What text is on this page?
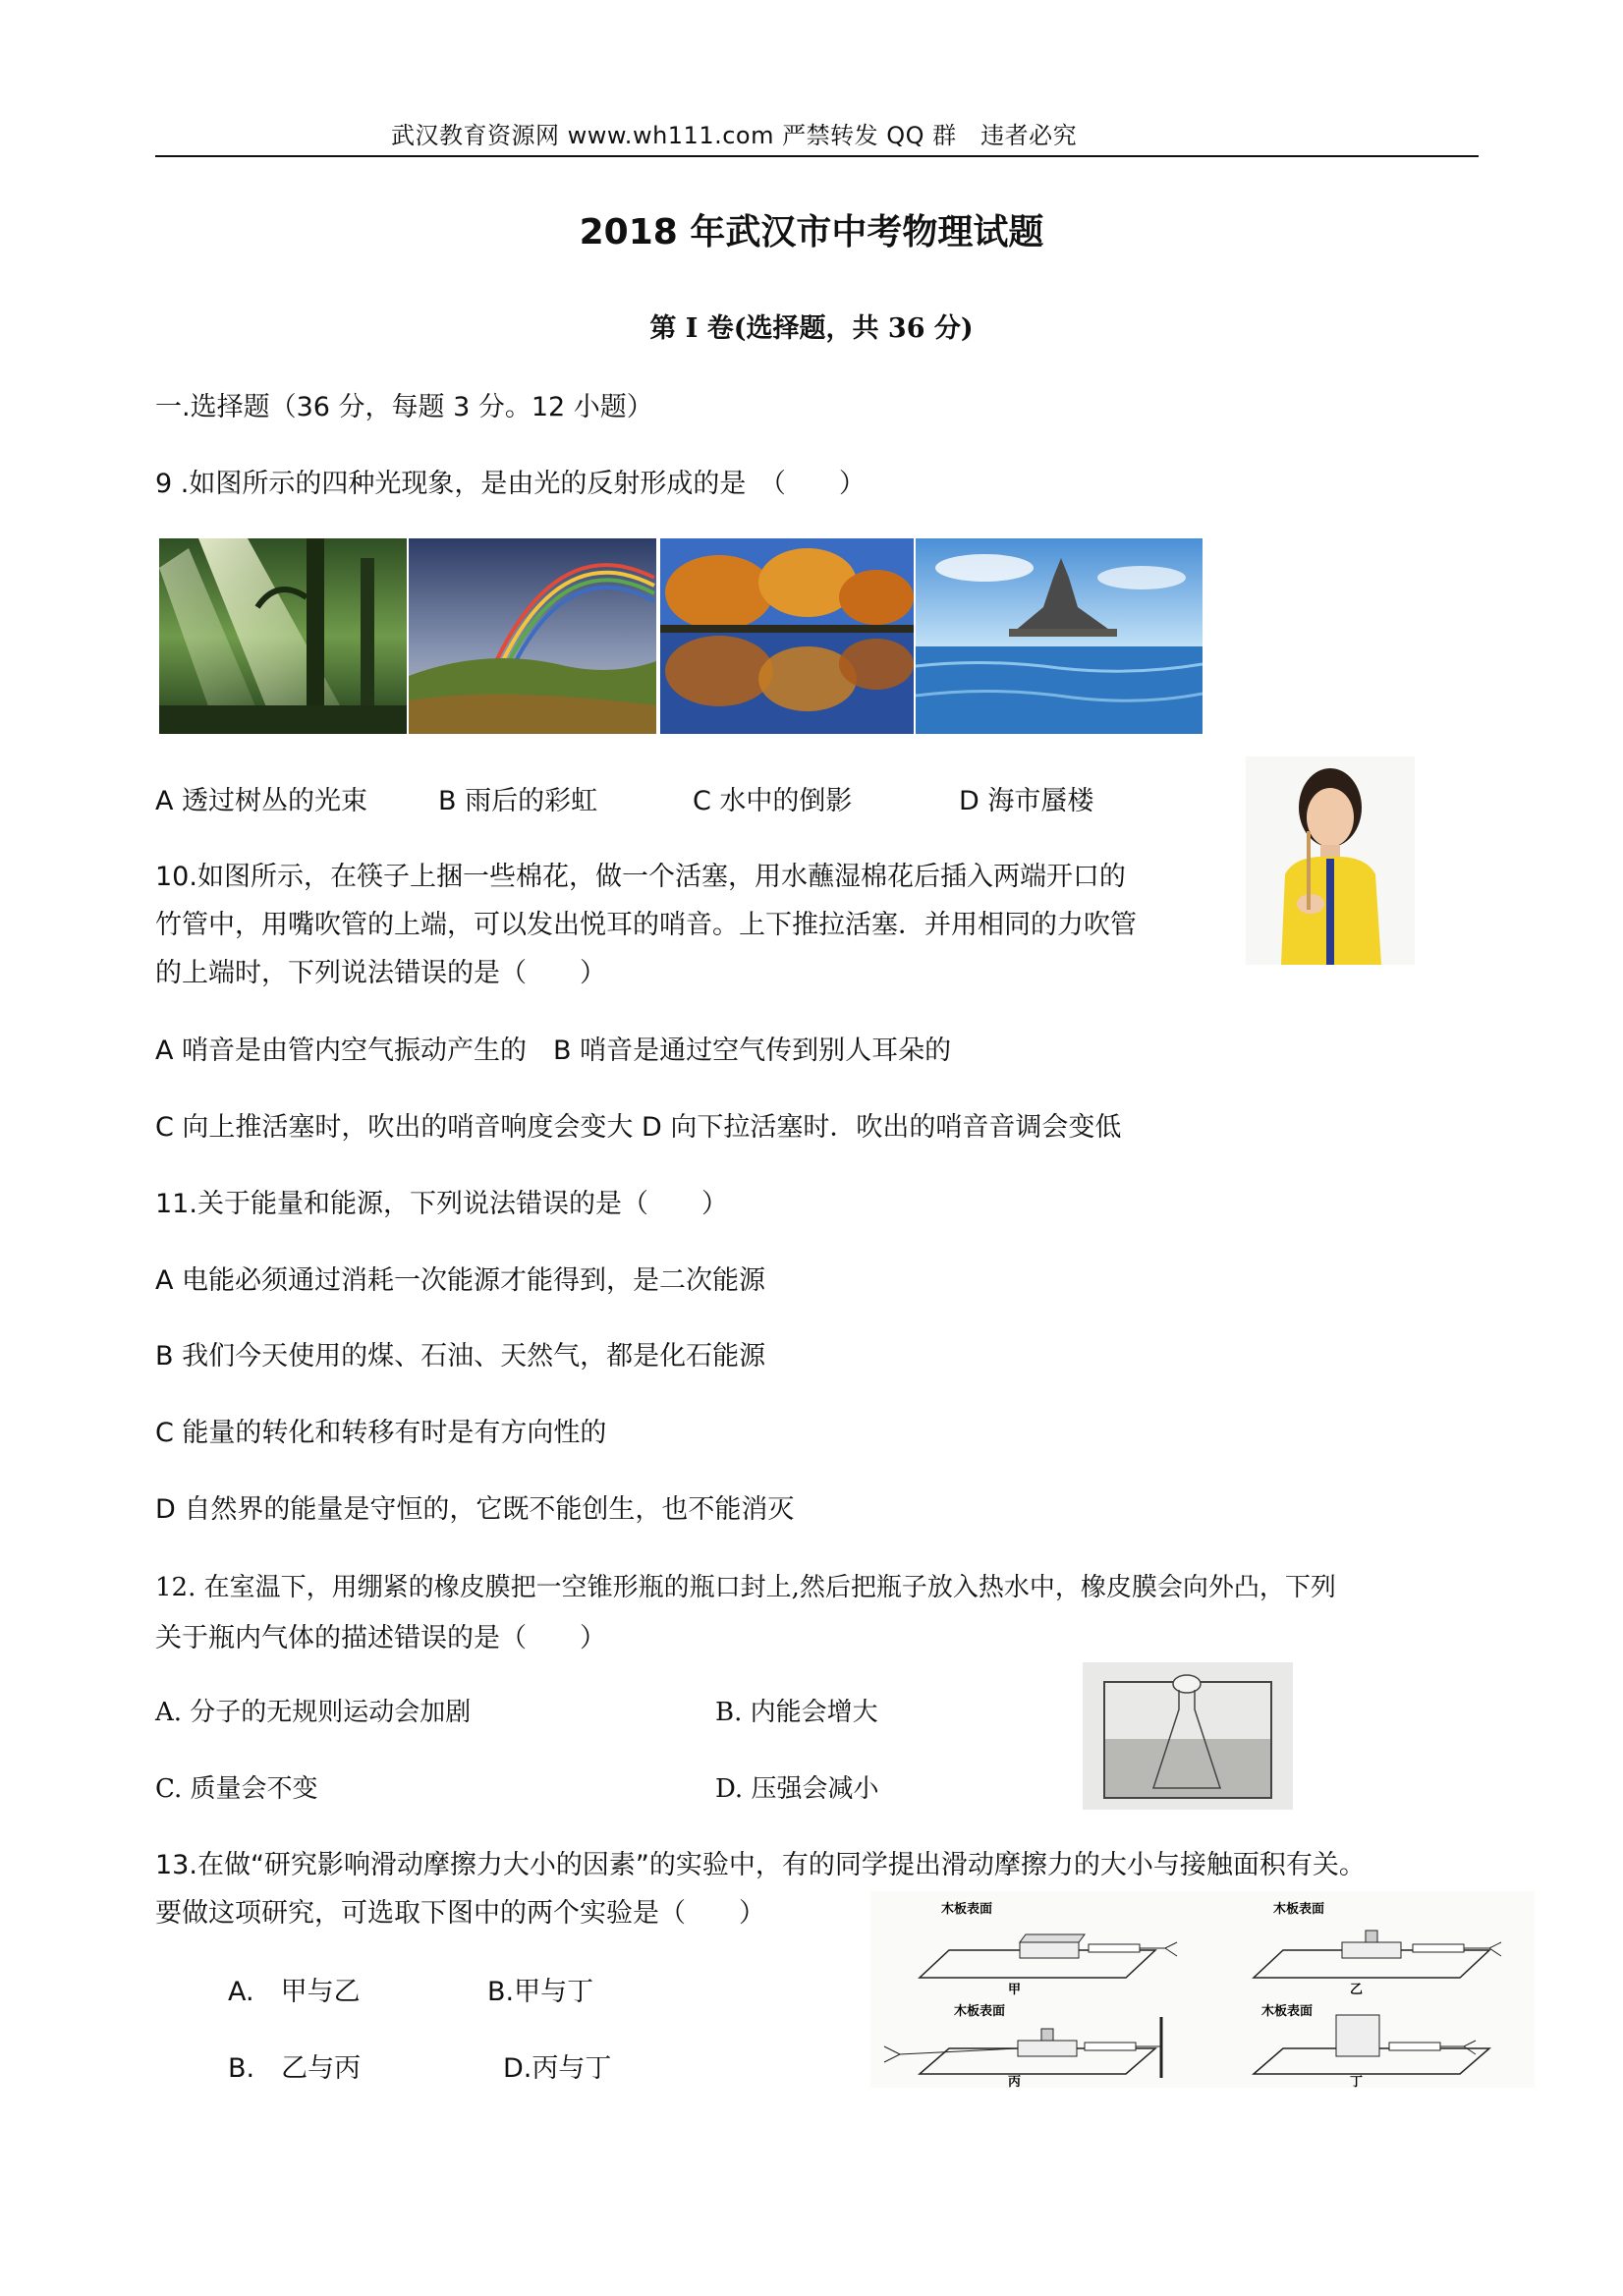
武汉教育资源网 www.wh111.com 严禁转发 QQ 群　违者必究
2018 年武汉市中考物理试题
第 I 卷(选择题，共 36 分)
一.选择题（36 分，每题 3 分。12 小题）
9 .如图所示的四种光现象，是由光的反射形成的是　（　　）
A 透过树丛的光束	B 雨后的彩虹	C 水中的倒影	D 海市蜃楼
10.如图所示，在筷子上捆一些棉花，做一个活塞，用水蘸湿棉花后插入两端开口的
竹管中，用嘴吹管的上端，可以发出悦耳的哨音。上下推拉活塞．并用相同的力吹管
的上端时，下列说法错误的是（　　）
A 哨音是由管内空气振动产生的　B 哨音是通过空气传到别人耳朵的
C 向上推活塞时，吹出的哨音响度会变大 D 向下拉活塞时．吹出的哨音音调会变低
11.关于能量和能源，下列说法错误的是（　　）
A 电能必须通过消耗一次能源才能得到，是二次能源
B 我们今天使用的煤、石油、天然气，都是化石能源
C 能量的转化和转移有时是有方向性的
D 自然界的能量是守恒的，它既不能创生，也不能消灭
12. 在室温下，用绷紧的橡皮膜把一空锥形瓶的瓶口封上,然后把瓶子放入热水中，橡皮膜会向外凸，下列
关于瓶内气体的描述错误的是（　　）
A. 分子的无规则运动会加剧	B. 内能会增大
C. 质量会不变	D. 压强会减小
13.在做“研究影响滑动摩擦力大小的因素”的实验中，有的同学提出滑动摩擦力的大小与接触面积有关。
要做这项研究，可选取下图中的两个实验是（　　）
A.　甲与乙	B.甲与丁
B.　乙与丙	D.丙与丁
木板表面
甲
木板表面
乙
木板表面
丙
木板表面
丁
